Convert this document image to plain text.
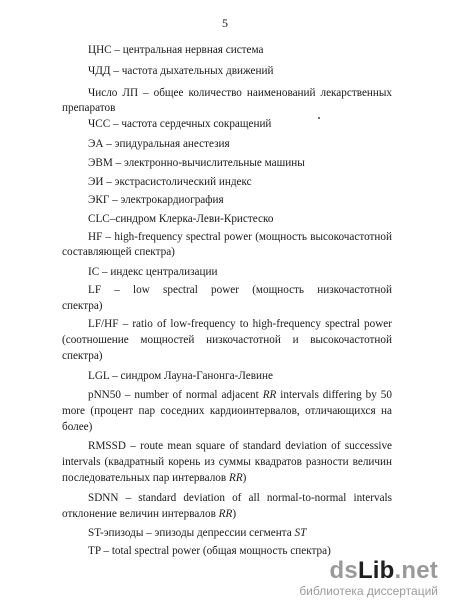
5
ЦНС – центральная нервная система
ЧДД – частота дыхательных движений
Число ЛП – общее количество наименований лекарственных
препаратов
ЧСС – частота сердечных сокращений
ЭА – эпидуральная анестезия
ЭВМ – электронно-вычислительные машины
ЭИ – экстрасистолический индекс
ЭКГ – электрокардиография
CLC–синдром Клерка-Леви-Кристеско
HF – high-frequency spectral power (мощность высокочастотной
составляющей спектра)
IC – индекс централизации
LF – low spectral power (мощность низкочастотной
спектра)
LF/HF – ratio of low-frequency to high-frequency spectral power
(соотношение мощностей низкочастотной и высокочастотной
спектра)
LGL – синдром Лауна-Ганонга-Левине
pNN50 – number of normal adjacent RR intervals differing by 50
more (процент пар соседних кардиоинтервалов, отличающихся на
более)
RMSSD – route mean square of standard deviation of successive
intervals (квадратный корень из суммы квадратов разности величин
последовательных пар интервалов RR)
SDNN – standard deviation of all normal-to-normal intervals
отклонение величин интервалов RR)
ST-эпизоды – эпизоды депрессии сегмента ST
TP – total spectral power (общая мощность спектра)
dsLib.net
библиотека диссертаций
